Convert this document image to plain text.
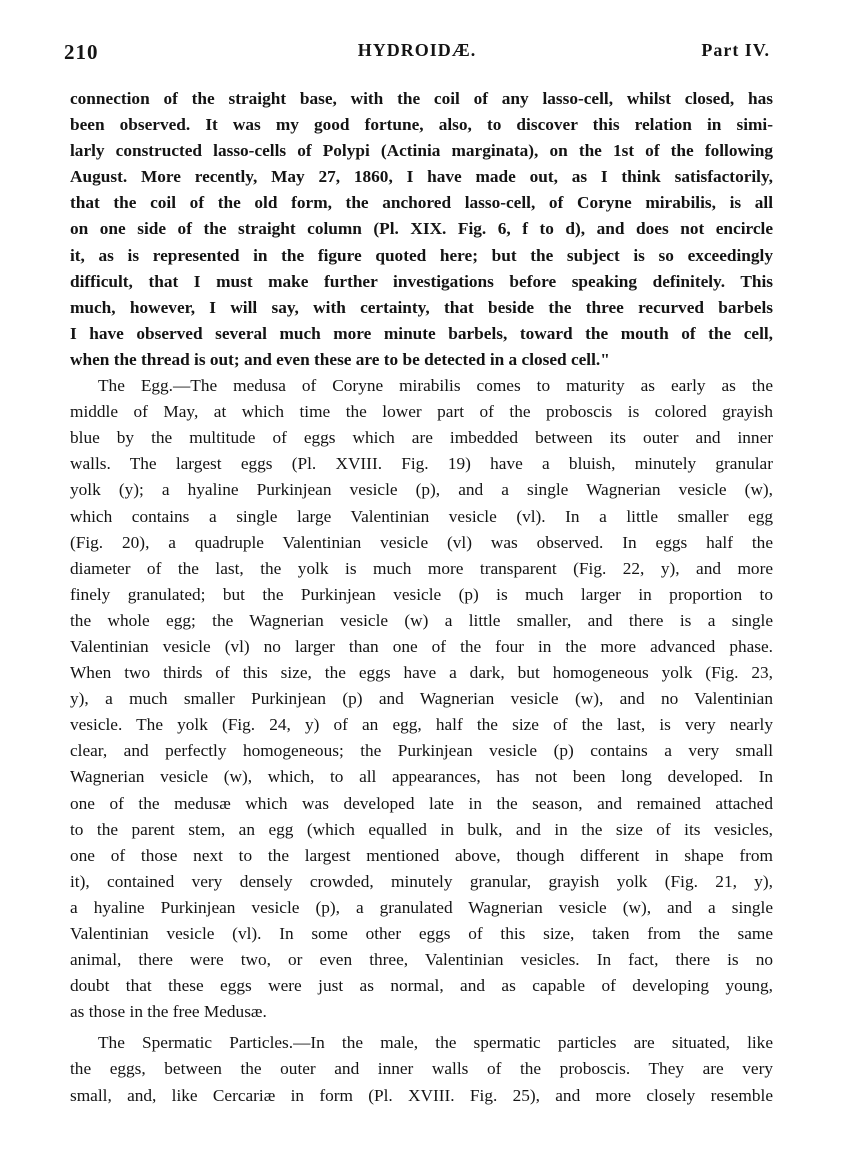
HYDROIDÆ.
210	Part IV.
connection of the straight base, with the coil of any lasso-cell, whilst closed, has
been observed. It was my good fortune, also, to discover this relation in simi-
larly constructed lasso-cells of Polypi (Actinia marginata), on the 1st of the following
August. More recently, May 27, 1860, I have made out, as I think satisfactorily,
that the coil of the old form, the anchored lasso-cell, of Coryne mirabilis, is all
on one side of the straight column (Pl. XIX. Fig. 6, f to d), and does not encircle
it, as is represented in the figure quoted here; but the subject is so exceedingly
difficult, that I must make further investigations before speaking definitely. This
much, however, I will say, with certainty, that beside the three recurved barbels
I have observed several much more minute barbels, toward the mouth of the cell,
when the thread is out; and even these are to be detected in a closed cell."
The Egg.—The medusa of Coryne mirabilis comes to maturity as early as the
middle of May, at which time the lower part of the proboscis is colored grayish
blue by the multitude of eggs which are imbedded between its outer and inner
walls. The largest eggs (Pl. XVIII. Fig. 19) have a bluish, minutely granular
yolk (y); a hyaline Purkinjean vesicle (p), and a single Wagnerian vesicle (w),
which contains a single large Valentinian vesicle (vl). In a little smaller egg
(Fig. 20), a quadruple Valentinian vesicle (vl) was observed. In eggs half the
diameter of the last, the yolk is much more transparent (Fig. 22, y), and more
finely granulated; but the Purkinjean vesicle (p) is much larger in proportion to
the whole egg; the Wagnerian vesicle (w) a little smaller, and there is a single
Valentinian vesicle (vl) no larger than one of the four in the more advanced phase.
When two thirds of this size, the eggs have a dark, but homogeneous yolk (Fig. 23,
y), a much smaller Purkinjean (p) and Wagnerian vesicle (w), and no Valentinian
vesicle. The yolk (Fig. 24, y) of an egg, half the size of the last, is very nearly
clear, and perfectly homogeneous; the Purkinjean vesicle (p) contains a very small
Wagnerian vesicle (w), which, to all appearances, has not been long developed. In
one of the medusæ which was developed late in the season, and remained attached
to the parent stem, an egg (which equalled in bulk, and in the size of its vesicles,
one of those next to the largest mentioned above, though different in shape from
it), contained very densely crowded, minutely granular, grayish yolk (Fig. 21, y),
a hyaline Purkinjean vesicle (p), a granulated Wagnerian vesicle (w), and a single
Valentinian vesicle (vl). In some other eggs of this size, taken from the same
animal, there were two, or even three, Valentinian vesicles. In fact, there is no
doubt that these eggs were just as normal, and as capable of developing young,
as those in the free Medusæ.
The Spermatic Particles.—In the male, the spermatic particles are situated, like
the eggs, between the outer and inner walls of the proboscis. They are very
small, and, like Cercariæ in form (Pl. XVIII. Fig. 25), and more closely resemble
